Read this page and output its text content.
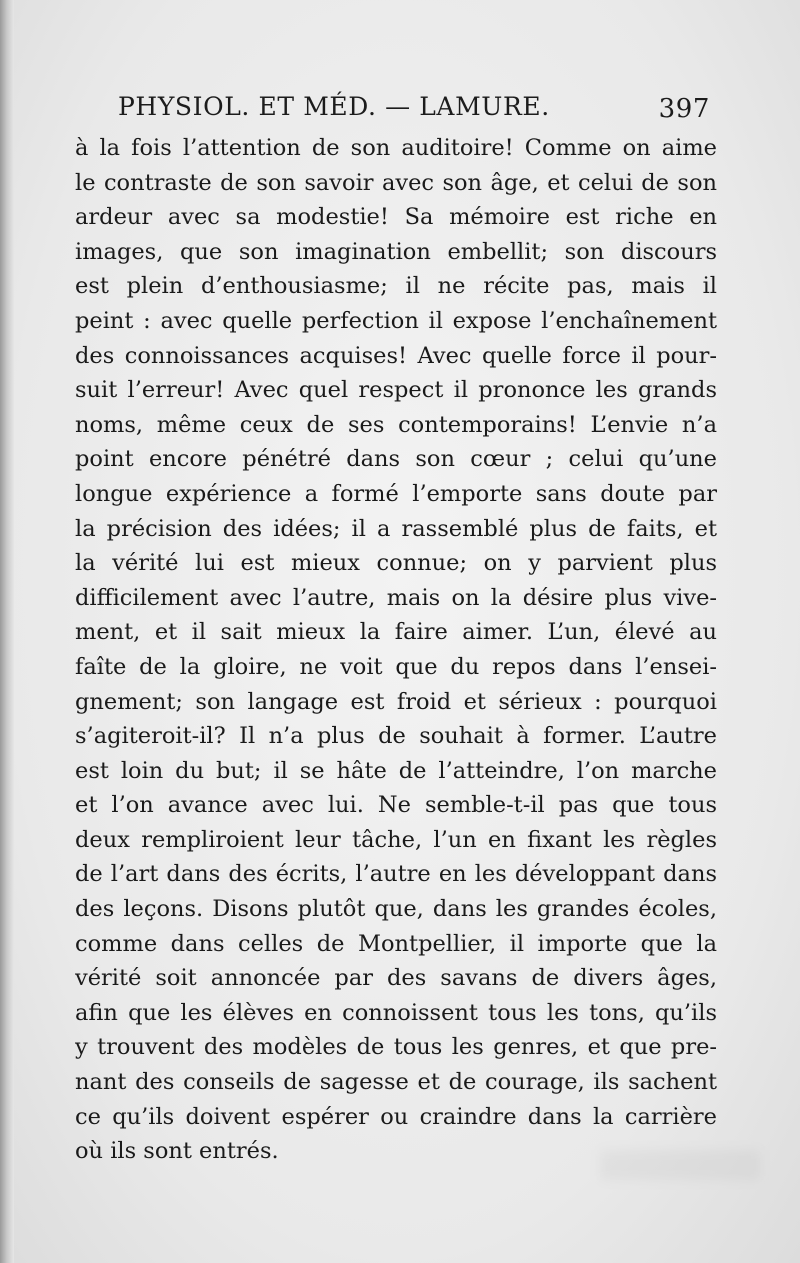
PHYSIOL. ET MÉD. — LAMURE.	397
à la fois l’attention de son auditoire! Comme on aime
le contraste de son savoir avec son âge, et celui de son
ardeur avec sa modestie! Sa mémoire est riche en
images, que son imagination embellit; son discours
est plein d’enthousiasme; il ne récite pas, mais il
peint : avec quelle perfection il expose l’enchaînement
des connoissances acquises! Avec quelle force il pour-
suit l’erreur! Avec quel respect il prononce les grands
noms, même ceux de ses contemporains! L’envie n’a
point encore pénétré dans son cœur ; celui qu’une
longue expérience a formé l’emporte sans doute par
la précision des idées; il a rassemblé plus de faits, et
la vérité lui est mieux connue; on y parvient plus
difficilement avec l’autre, mais on la désire plus vive-
ment, et il sait mieux la faire aimer. L’un, élevé au
faîte de la gloire, ne voit que du repos dans l’ensei-
gnement; son langage est froid et sérieux : pourquoi
s’agiteroit-il? Il n’a plus de souhait à former. L’autre
est loin du but; il se hâte de l’atteindre, l’on marche
et l’on avance avec lui. Ne semble-t-il pas que tous
deux rempliroient leur tâche, l’un en fixant les règles
de l’art dans des écrits, l’autre en les développant dans
des leçons. Disons plutôt que, dans les grandes écoles,
comme dans celles de Montpellier, il importe que la
vérité soit annoncée par des savans de divers âges,
afin que les élèves en connoissent tous les tons, qu’ils
y trouvent des modèles de tous les genres, et que pre-
nant des conseils de sagesse et de courage, ils sachent
ce qu’ils doivent espérer ou craindre dans la carrière
où ils sont entrés.
